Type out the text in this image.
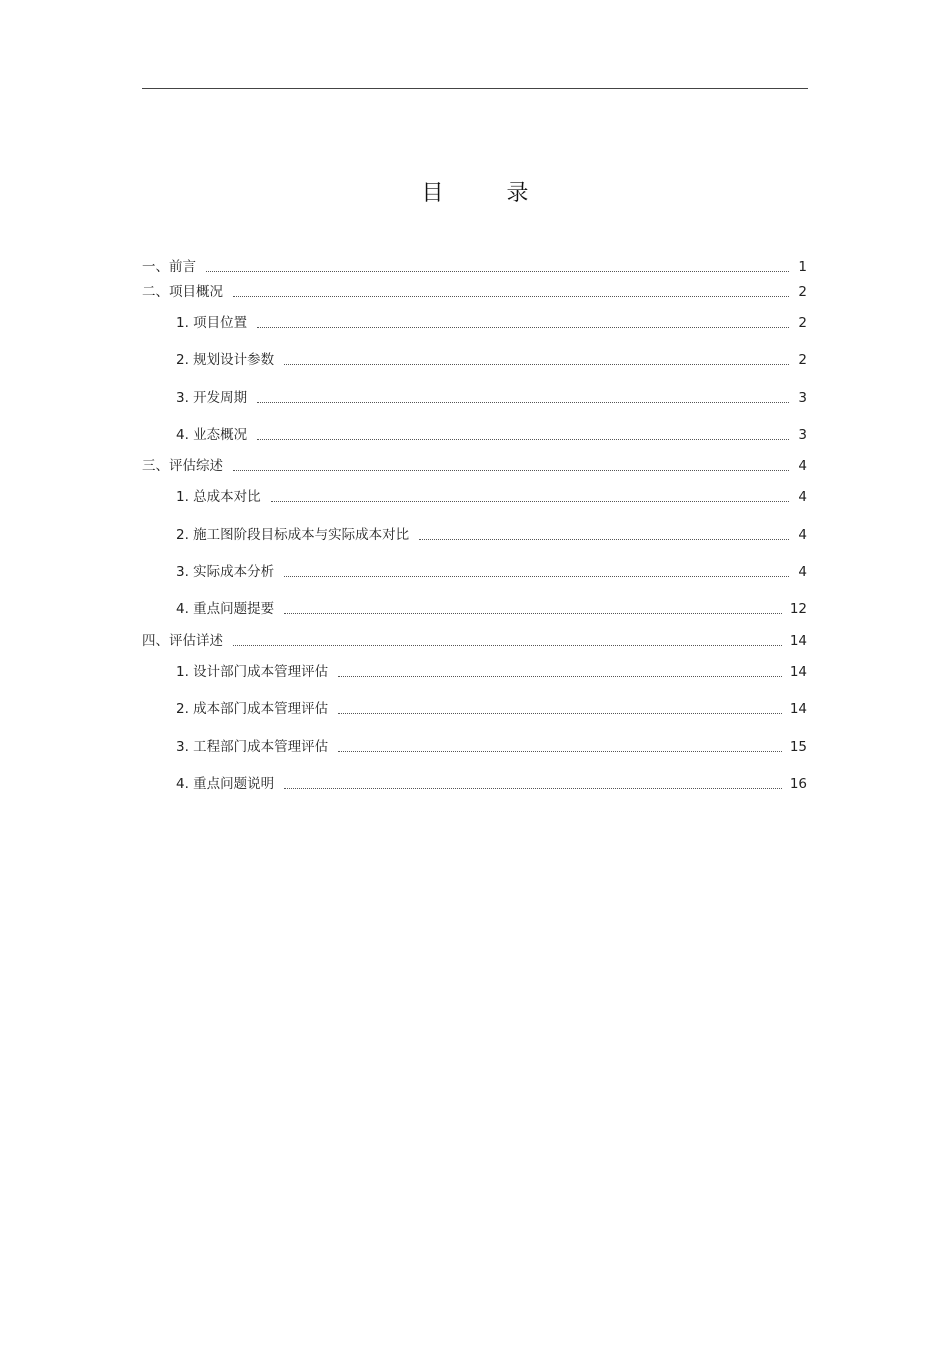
目 录
一、前言	1
二、项目概况	2
1. 项目位置	2
2. 规划设计参数	2
3. 开发周期	3
4. 业态概况	3
三、评估综述	4
1. 总成本对比	4
2. 施工图阶段目标成本与实际成本对比	4
3. 实际成本分析	4
4. 重点问题提要	12
四、评估详述	14
1. 设计部门成本管理评估	14
2. 成本部门成本管理评估	14
3. 工程部门成本管理评估	15
4. 重点问题说明	16
